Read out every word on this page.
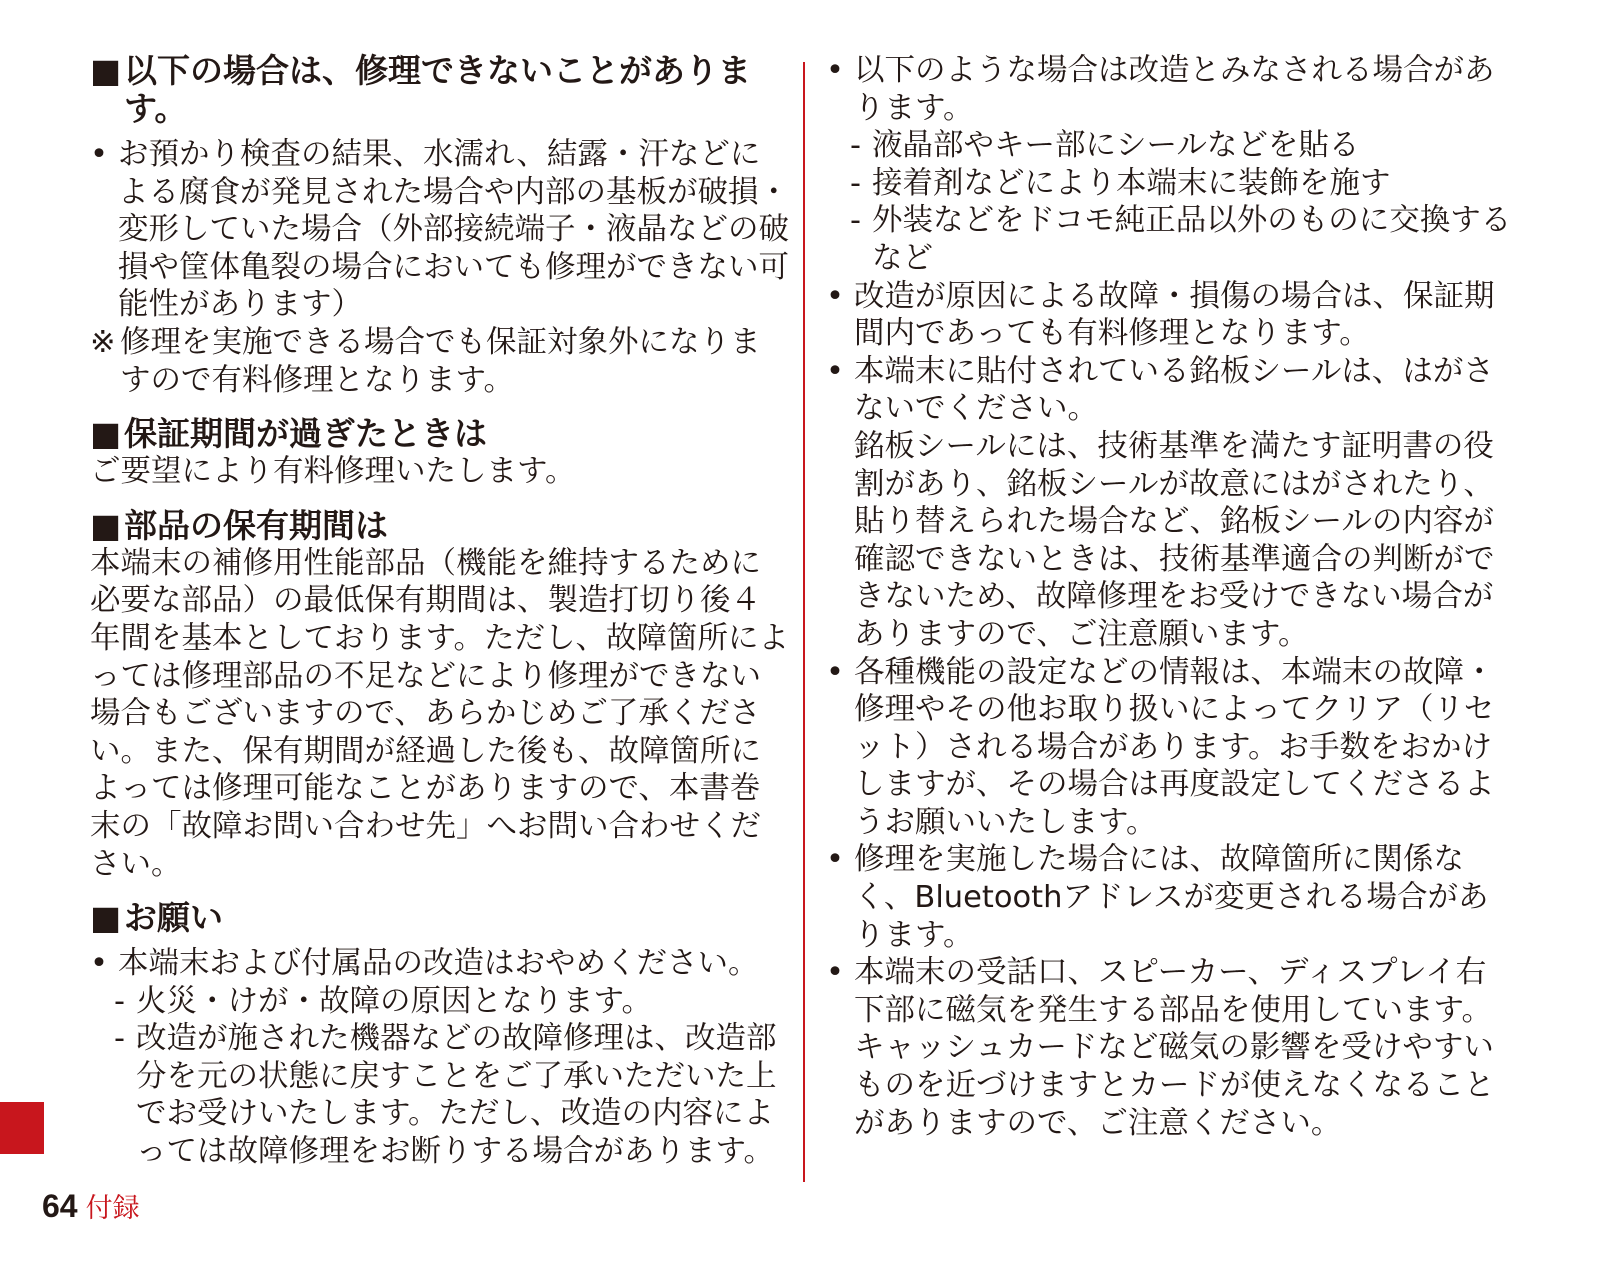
■以下の場合は、修理できないことがあります。

• お預かり検査の結果、水濡れ、結露・汗などによる腐食が発見された場合や内部の基板が破損・変形していた場合（外部接続端子・液晶などの破損や筐体亀裂の場合においても修理ができない可能性があります）

※ 修理を実施できる場合でも保証対象外になりますので有料修理となります。

■保証期間が過ぎたときは

ご要望により有料修理いたします。

■部品の保有期間は

本端末の補修用性能部品（機能を維持するために必要な部品）の最低保有期間は、製造打切り後４年間を基本としております。ただし、故障箇所によっては修理部品の不足などにより修理ができない場合もございますので、あらかじめご了承ください。また、保有期間が経過した後も、故障箇所によっては修理可能なことがありますので、本書巻末の「故障お問い合わせ先」へお問い合わせください。

■お願い

• 本端末および付属品の改造はおやめください。

- 火災・けが・故障の原因となります。

- 改造が施された機器などの故障修理は、改造部分を元の状態に戻すことをご了承いただいた上でお受けいたします。ただし、改造の内容によっては故障修理をお断りする場合があります。

• 以下のような場合は改造とみなされる場合があります。

- 液晶部やキー部にシールなどを貼る

- 接着剤などにより本端末に装飾を施す

- 外装などをドコモ純正品以外のものに交換するなど

• 改造が原因による故障・損傷の場合は、保証期間内であっても有料修理となります。

• 本端末に貼付されている銘板シールは、はがさないでください。
銘板シールには、技術基準を満たす証明書の役割があり、銘板シールが故意にはがされたり、貼り替えられた場合など、銘板シールの内容が確認できないときは、技術基準適合の判断ができないため、故障修理をお受けできない場合がありますので、ご注意願います。

• 各種機能の設定などの情報は、本端末の故障・修理やその他お取り扱いによってクリア（リセット）される場合があります。お手数をおかけしますが、その場合は再度設定してくださるようお願いいたします。

• 修理を実施した場合には、故障箇所に関係なく、Bluetoothアドレスが変更される場合があります。

• 本端末の受話口、スピーカー、ディスプレイ右下部に磁気を発生する部品を使用しています。キャッシュカードなど磁気の影響を受けやすいものを近づけますとカードが使えなくなることがありますので、ご注意ください。

64 付録
